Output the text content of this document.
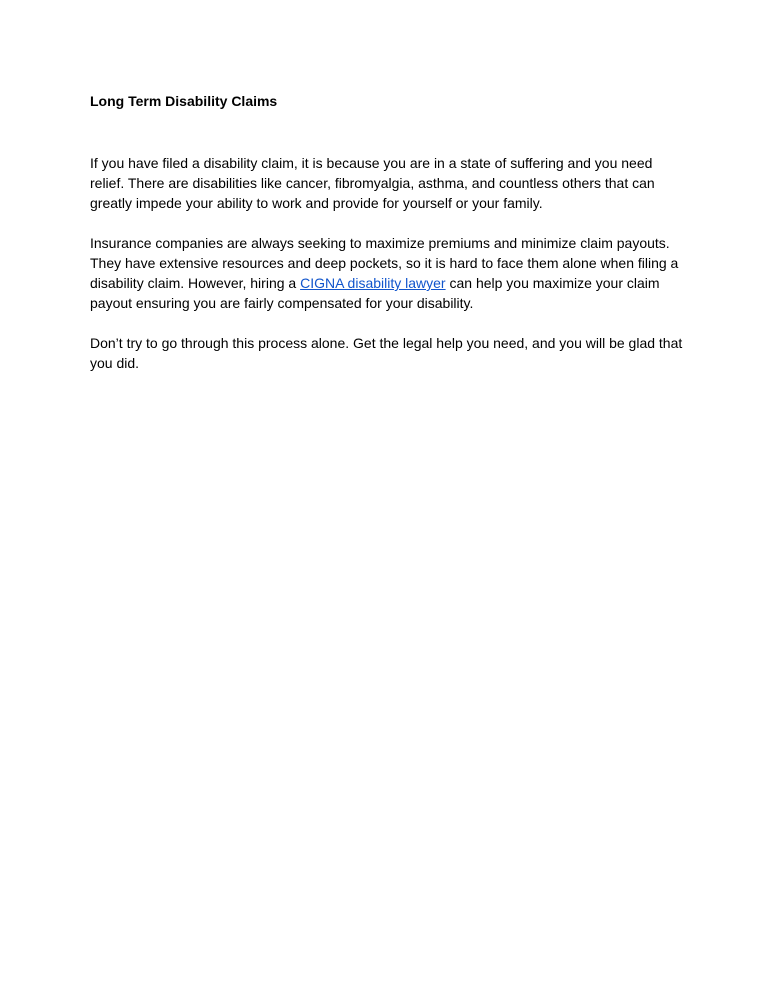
Long Term Disability Claims

If you have filed a disability claim, it is because you are in a state of suffering and you need relief. There are disabilities like cancer, fibromyalgia, asthma, and countless others that can greatly impede your ability to work and provide for yourself or your family.

Insurance companies are always seeking to maximize premiums and minimize claim payouts. They have extensive resources and deep pockets, so it is hard to face them alone when filing a disability claim. However, hiring a CIGNA disability lawyer can help you maximize your claim payout ensuring you are fairly compensated for your disability.

Don’t try to go through this process alone. Get the legal help you need, and you will be glad that you did.
